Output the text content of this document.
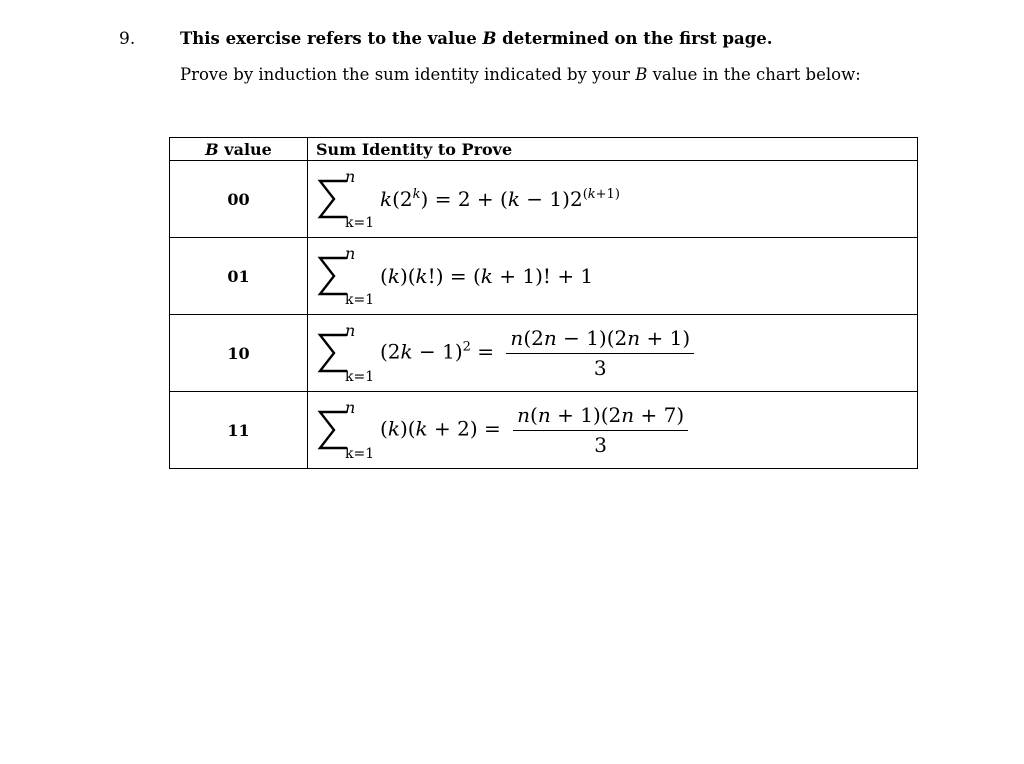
9.	This exercise refers to the value B determined on the first page.
Prove by induction the sum identity indicated by your B value in the chart below:
B value	Sum Identity to Prove
00	n
k=1
$k(2^k) = 2 + (k - 1)2^{(k+1)}$

01	n
k=1
(k)(k!) = (k + 1)! + 1

10	n
k=1
$(2k - 1)^2 = \frac{n(2n - 1)(2n + 1)}{3}$

11	n
k=1
$(k)(k + 2) = \frac{n(n + 1)(2n + 7)}{3}$
